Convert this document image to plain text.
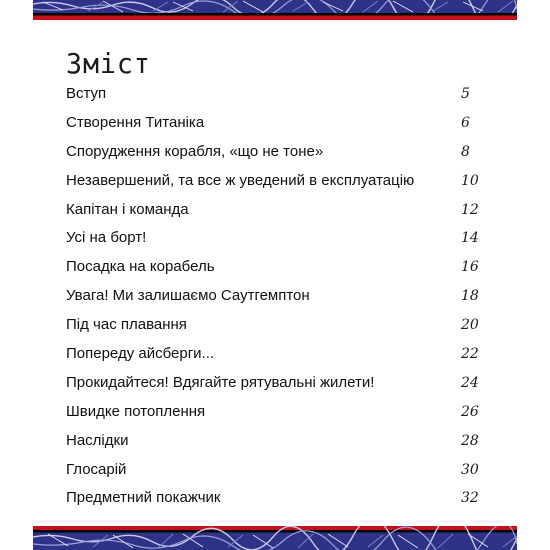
Зміст
Вступ	5
Створення Титаніка	6
Спорудження корабля, «що не тоне»	8
Незавершений, та все ж уведений в експлуатацію	10
Капітан і команда	12
Усі на борт!	14
Посадка на корабель	16
Увага! Ми залишаємо Саутгемптон	18
Під час плавання	20
Попереду айсберги...	22
Прокидайтеся! Вдягайте рятувальні жилети!	24
Швидке потоплення	26
Наслідки	28
Глосарій	30
Предметний покажчик	32
